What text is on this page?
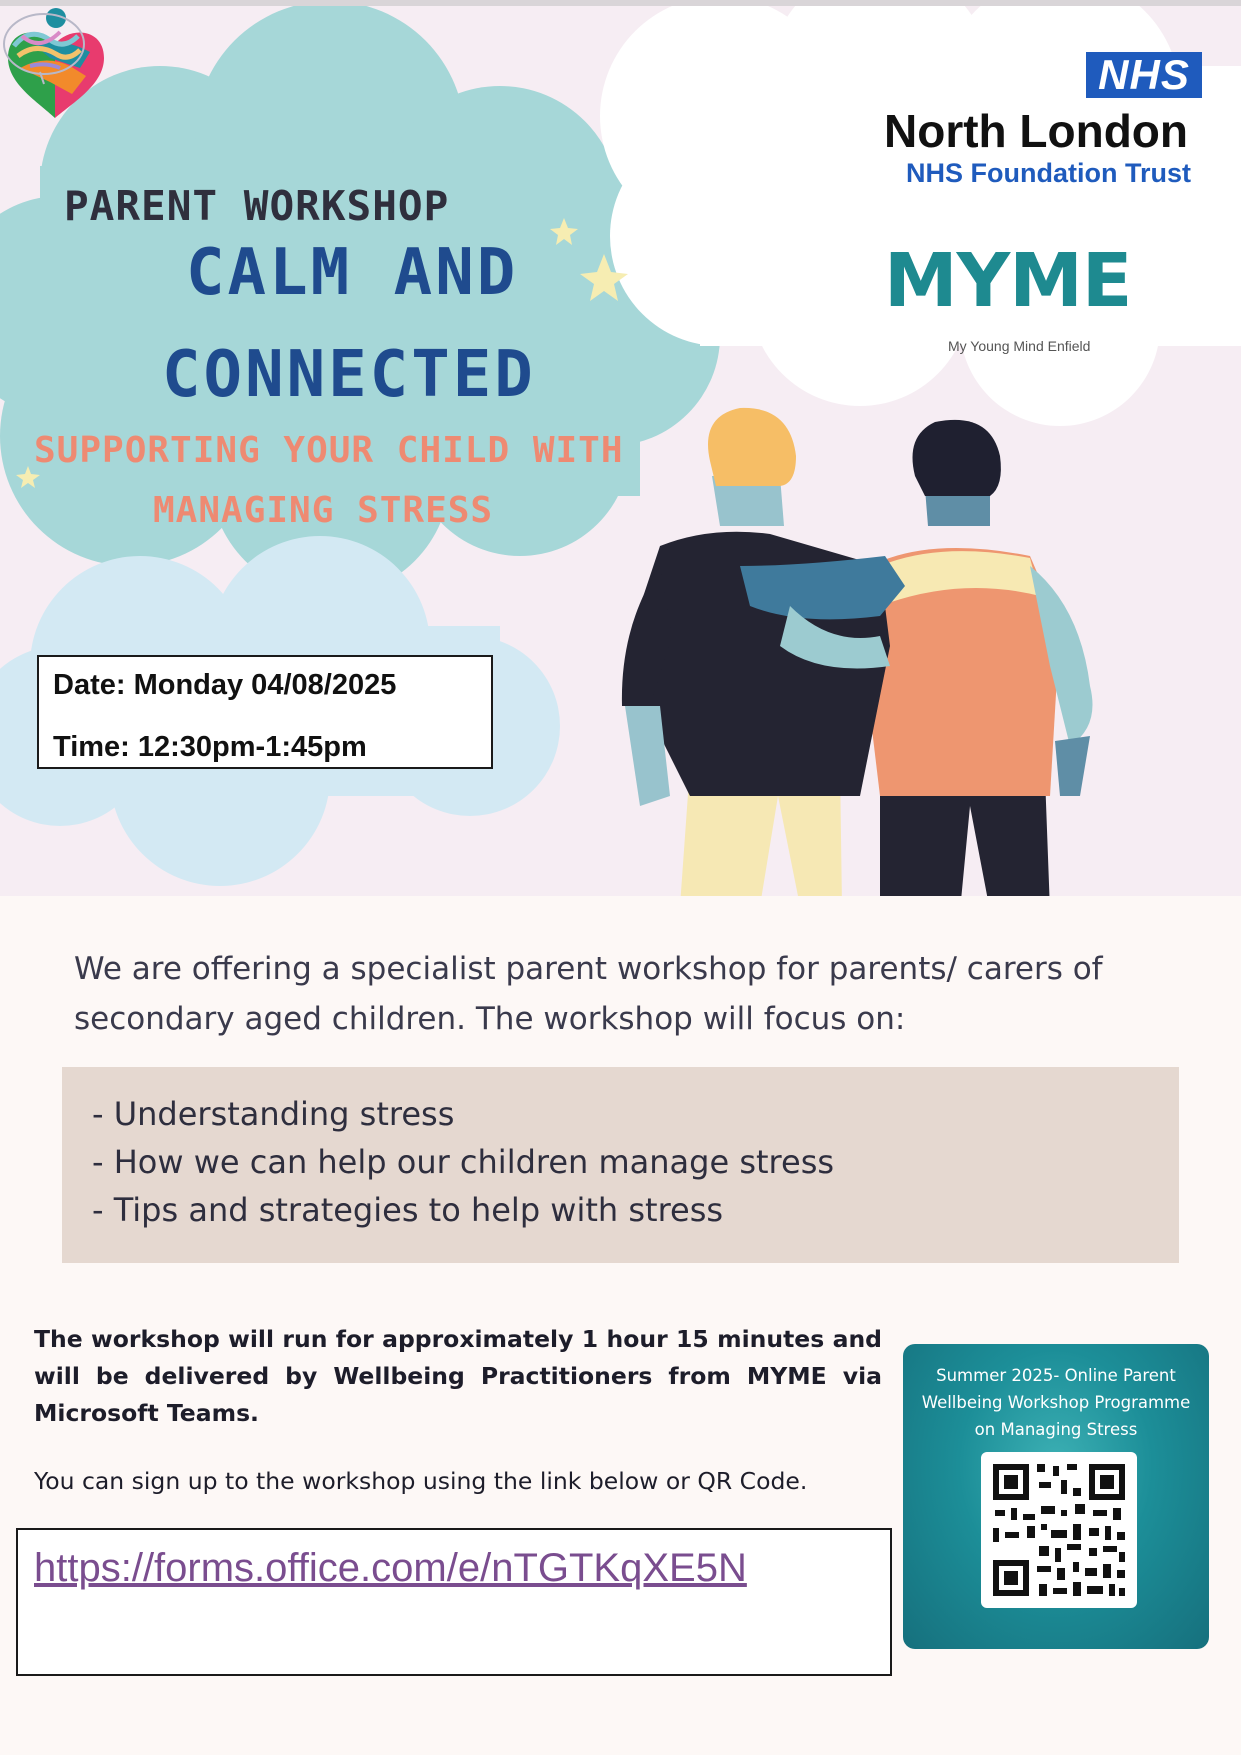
PARENT WORKSHOP
CALM AND
CONNECTED
SUPPORTING YOUR CHILD WITH
MANAGING STRESS
NHS
North London
NHS Foundation Trust
MYME
My Young Mind Enfield
Date: Monday 04/08/2025
Time: 12:30pm-1:45pm
We are offering a specialist parent workshop for parents/ carers of secondary aged children. The workshop will focus on:
- Understanding stress
- How we can help our children manage stress
- Tips and strategies to help with stress
The workshop will run for approximately 1 hour 15 minutes and will be delivered by Wellbeing Practitioners from MYME via Microsoft Teams.
You can sign up to the workshop using the link below or QR Code.
https://forms.office.com/e/nTGTKqXE5N
Summer 2025- Online Parent
Wellbeing Workshop Programme
on Managing Stress
